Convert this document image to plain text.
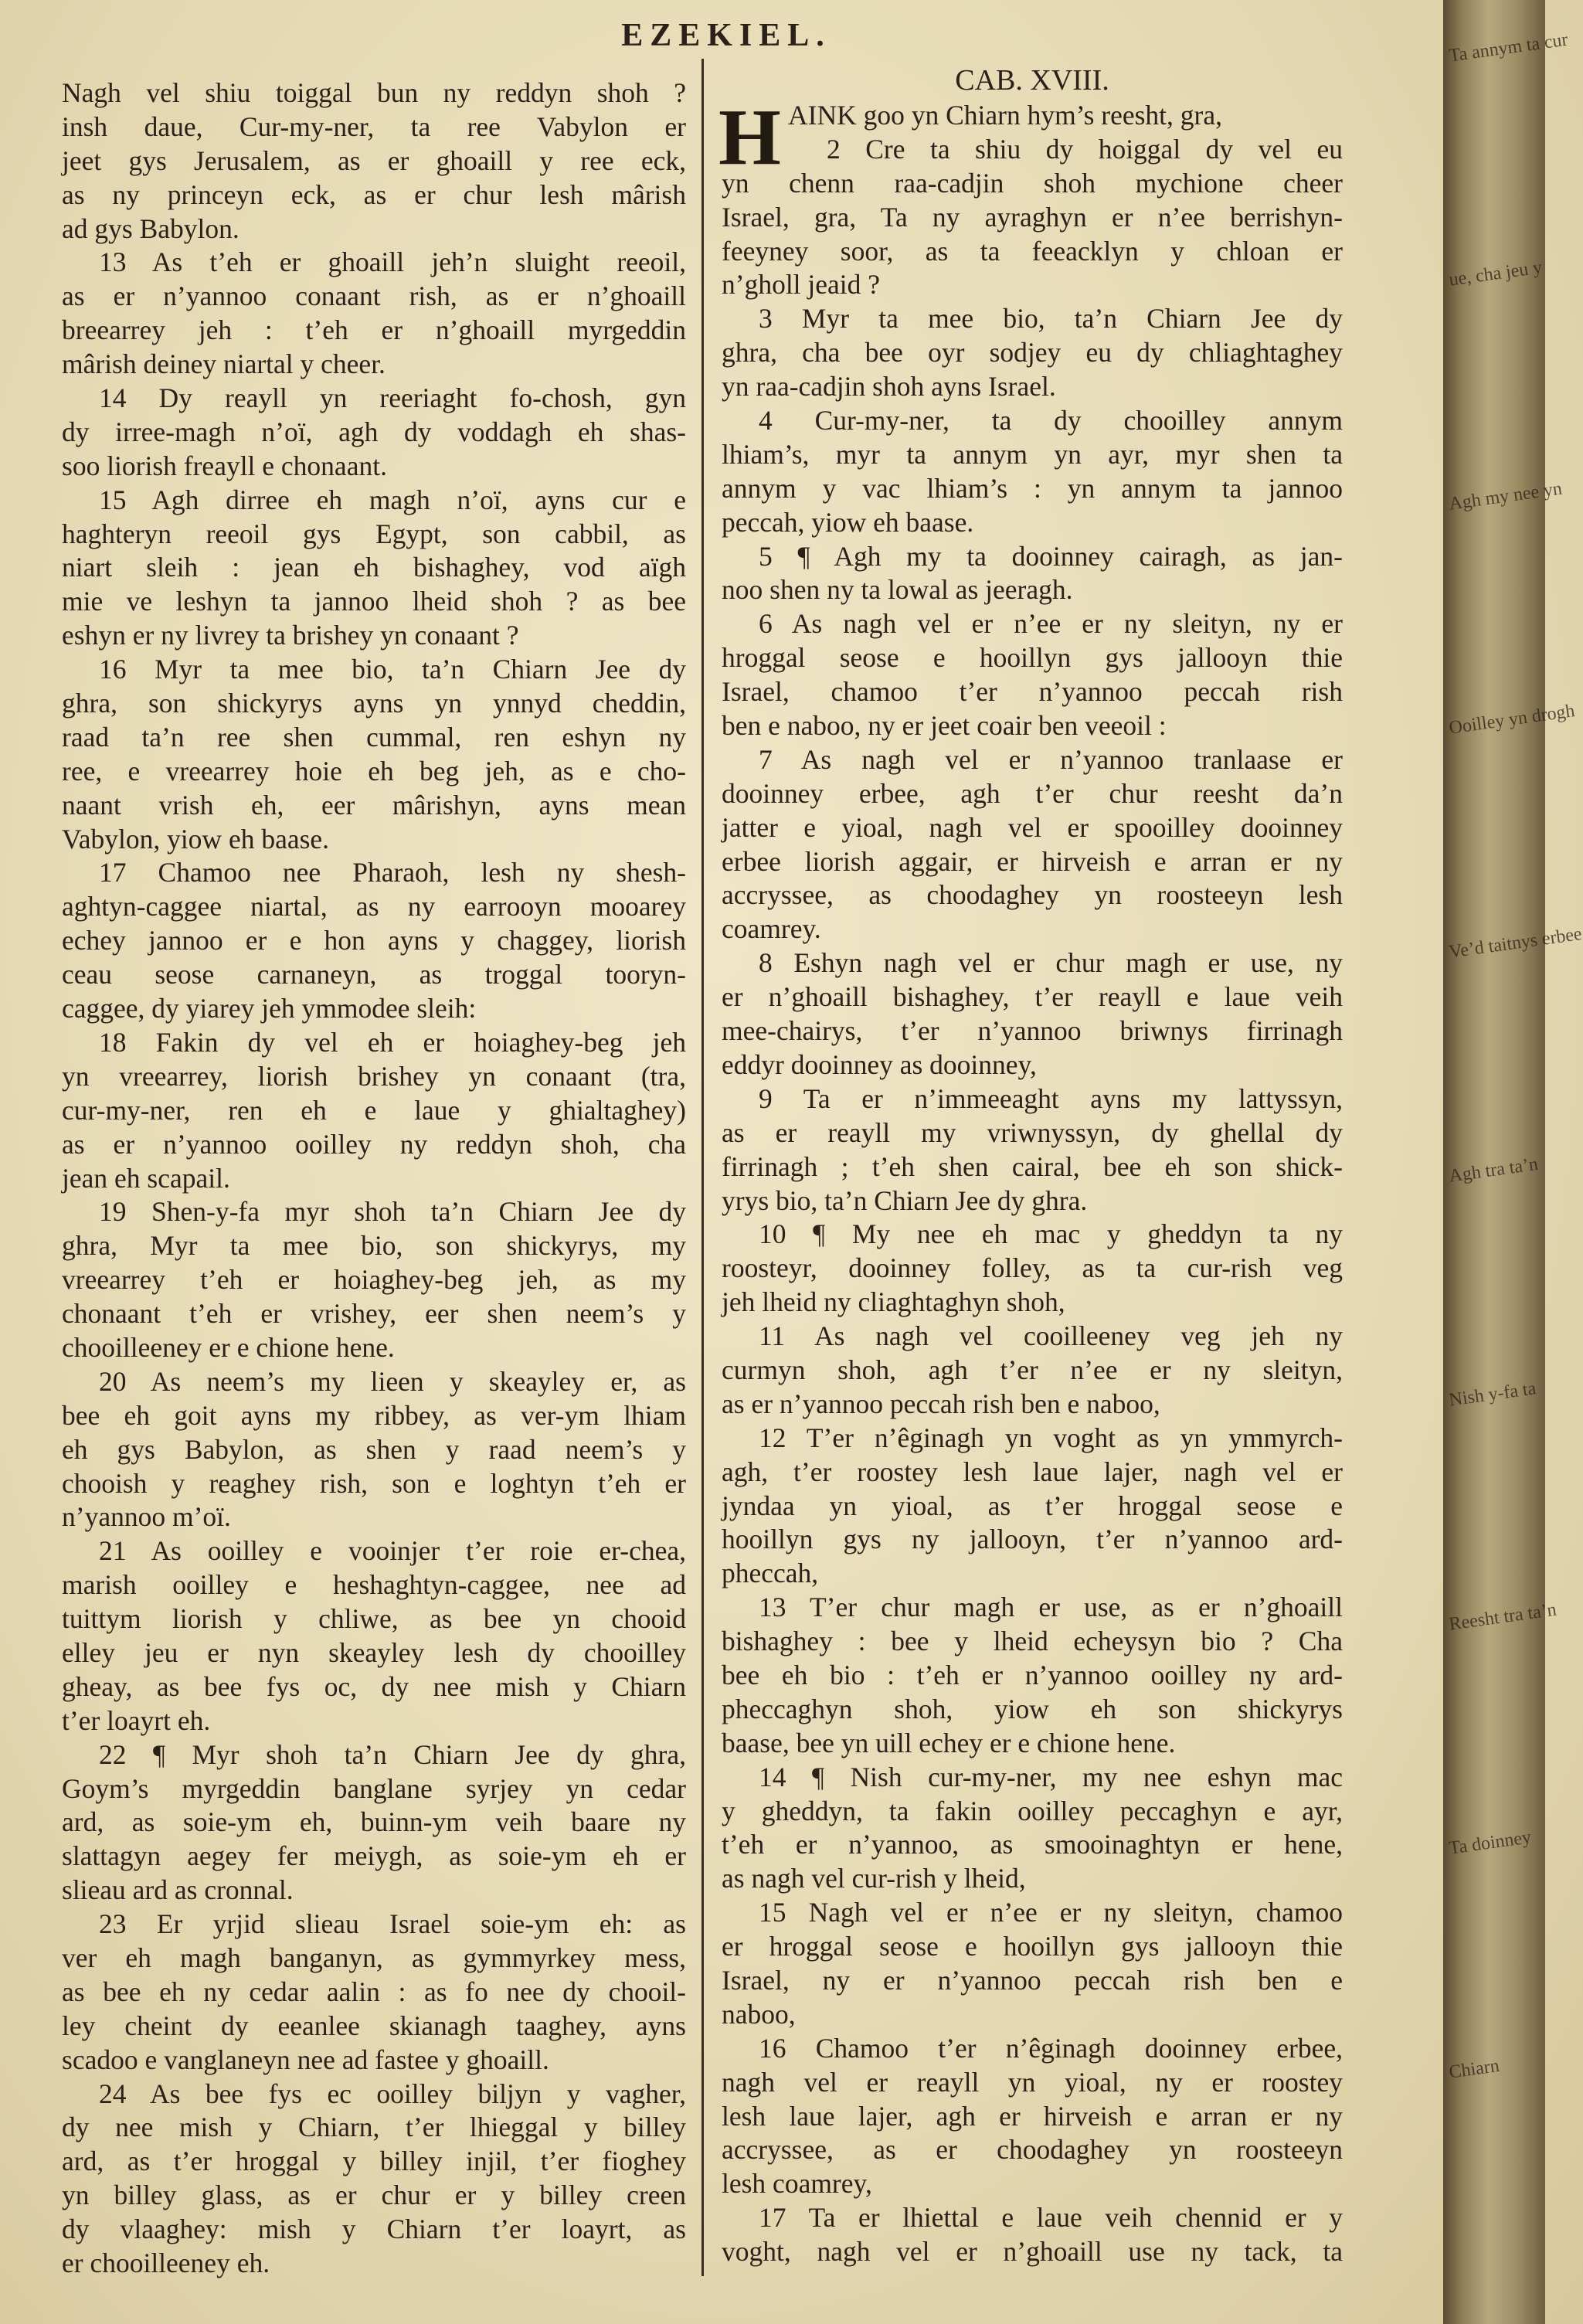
EZEKIEL.
Nagh vel shiu toiggal bun ny reddyn shoh ?
insh daue, Cur-my-ner, ta ree Vabylon er
jeet gys Jerusalem, as er ghoaill y ree eck,
as ny princeyn eck, as er chur lesh mârish
ad gys Babylon.
13 As t’eh er ghoaill jeh’n sluight reeoil,
as er n’yannoo conaant rish, as er n’ghoaill
breearrey jeh : t’eh er n’ghoaill myrgeddin
mârish deiney niartal y cheer.
14 Dy reayll yn reeriaght fo-chosh, gyn
dy irree-magh n’oï, agh dy voddagh eh shas-
soo liorish freayll e chonaant.
15 Agh dirree eh magh n’oï, ayns cur e
haghteryn reeoil gys Egypt, son cabbil, as
niart sleih : jean eh bishaghey, vod aïgh
mie ve leshyn ta jannoo lheid shoh ? as bee
eshyn er ny livrey ta brishey yn conaant ?
16 Myr ta mee bio, ta’n Chiarn Jee dy
ghra, son shickyrys ayns yn ynnyd cheddin,
raad ta’n ree shen cummal, ren eshyn ny
ree, e vreearrey hoie eh beg jeh, as e cho-
naant vrish eh, eer mârishyn, ayns mean
Vabylon, yiow eh baase.
17 Chamoo nee Pharaoh, lesh ny shesh-
aghtyn-caggee niartal, as ny earrooyn mooarey
echey jannoo er e hon ayns y chaggey, liorish
ceau seose carnaneyn, as troggal tooryn-
caggee, dy yiarey jeh ymmodee sleih:
18 Fakin dy vel eh er hoiaghey-beg jeh
yn vreearrey, liorish brishey yn conaant (tra,
cur-my-ner, ren eh e laue y ghialtaghey)
as er n’yannoo ooilley ny reddyn shoh, cha
jean eh scapail.
19 Shen-y-fa myr shoh ta’n Chiarn Jee dy
ghra, Myr ta mee bio, son shickyrys, my
vreearrey t’eh er hoiaghey-beg jeh, as my
chonaant t’eh er vrishey, eer shen neem’s y
chooilleeney er e chione hene.
20 As neem’s my lieen y skeayley er, as
bee eh goit ayns my ribbey, as ver-ym lhiam
eh gys Babylon, as shen y raad neem’s y
chooish y reaghey rish, son e loghtyn t’eh er
n’yannoo m’oï.
21 As ooilley e vooinjer t’er roie er-chea,
marish ooilley e heshaghtyn-caggee, nee ad
tuittym liorish y chliwe, as bee yn chooid
elley jeu er nyn skeayley lesh dy chooilley
gheay, as bee fys oc, dy nee mish y Chiarn
t’er loayrt eh.
22 ¶ Myr shoh ta’n Chiarn Jee dy ghra,
Goym’s myrgeddin banglane syrjey yn cedar
ard, as soie-ym eh, buinn-ym veih baare ny
slattagyn aegey fer meiygh, as soie-ym eh er
slieau ard as cronnal.
23 Er yrjid slieau Israel soie-ym eh: as
ver eh magh banganyn, as gymmyrkey mess,
as bee eh ny cedar aalin : as fo nee dy chooil-
ley cheint dy eeanlee skianagh taaghey, ayns
scadoo e vanglaneyn nee ad fastee y ghoaill.
24 As bee fys ec ooilley biljyn y vagher,
dy nee mish y Chiarn, t’er lhieggal y billey
ard, as t’er hroggal y billey injil, t’er fioghey
yn billey glass, as er chur er y billey creen
dy vlaaghey: mish y Chiarn t’er loayrt, as
er chooilleeney eh.
CAB. XVIII.
H AINK goo yn Chiarn hym’s reesht, gra,
2 Cre ta shiu dy hoiggal dy vel eu
yn chenn raa-cadjin shoh mychione cheer
Israel, gra, Ta ny ayraghyn er n’ee berrishyn-
feeyney soor, as ta feeacklyn y chloan er
n’gholl jeaid ?
3 Myr ta mee bio, ta’n Chiarn Jee dy
ghra, cha bee oyr sodjey eu dy chliaghtaghey
yn raa-cadjin shoh ayns Israel.
4 Cur-my-ner, ta dy chooilley annym
lhiam’s, myr ta annym yn ayr, myr shen ta
annym y vac lhiam’s : yn annym ta jannoo
peccah, yiow eh baase.
5 ¶ Agh my ta dooinney cairagh, as jan-
noo shen ny ta lowal as jeeragh.
6 As nagh vel er n’ee er ny sleityn, ny er
hroggal seose e hooillyn gys jallooyn thie
Israel, chamoo t’er n’yannoo peccah rish
ben e naboo, ny er jeet coair ben veeoil :
7 As nagh vel er n’yannoo tranlaase er
dooinney erbee, agh t’er chur reesht da’n
jatter e yioal, nagh vel er spooilley dooinney
erbee liorish aggair, er hirveish e arran er ny
accryssee, as choodaghey yn roosteeyn lesh
coamrey.
8 Eshyn nagh vel er chur magh er use, ny
er n’ghoaill bishaghey, t’er reayll e laue veih
mee-chairys, t’er n’yannoo briwnys firrinagh
eddyr dooinney as dooinney,
9 Ta er n’immeeaght ayns my lattyssyn,
as er reayll my vriwnyssyn, dy ghellal dy
firrinagh ; t’eh shen cairal, bee eh son shick-
yrys bio, ta’n Chiarn Jee dy ghra.
10 ¶ My nee eh mac y gheddyn ta ny
roosteyr, dooinney folley, as ta cur-rish veg
jeh lheid ny cliaghtaghyn shoh,
11 As nagh vel cooilleeney veg jeh ny
curmyn shoh, agh t’er n’ee er ny sleityn,
as er n’yannoo peccah rish ben e naboo,
12 T’er n’êginagh yn voght as yn ymmyrch-
agh, t’er roostey lesh laue lajer, nagh vel er
jyndaa yn yioal, as t’er hroggal seose e
hooillyn gys ny jallooyn, t’er n’yannoo ard-
pheccah,
13 T’er chur magh er use, as er n’ghoaill
bishaghey : bee y lheid echeysyn bio ? Cha
bee eh bio : t’eh er n’yannoo ooilley ny ard-
pheccaghyn shoh, yiow eh son shickyrys
baase, bee yn uill echey er e chione hene.
14 ¶ Nish cur-my-ner, my nee eshyn mac
y gheddyn, ta fakin ooilley peccaghyn e ayr,
t’eh er n’yannoo, as smooinaghtyn er hene,
as nagh vel cur-rish y lheid,
15 Nagh vel er n’ee er ny sleityn, chamoo
er hroggal seose e hooillyn gys jallooyn thie
Israel, ny er n’yannoo peccah rish ben e
naboo,
16 Chamoo t’er n’êginagh dooinney erbee,
nagh vel er reayll yn yioal, ny er roostey
lesh laue lajer, agh er hirveish e arran er ny
accryssee, as er choodaghey yn roosteeyn
lesh coamrey,
17 Ta er lhiettal e laue veih chennid er y
voght, nagh vel er n’ghoaill use ny tack, ta
Ta annym ta cur
ue, cha jeu y
Agh my nee yn
Ooilley yn drogh
Ve’d taitnys erbee
Agh tra ta’n
Nish y-fa ta
Reesht tra ta’n
Ta doinney
Chiarn
